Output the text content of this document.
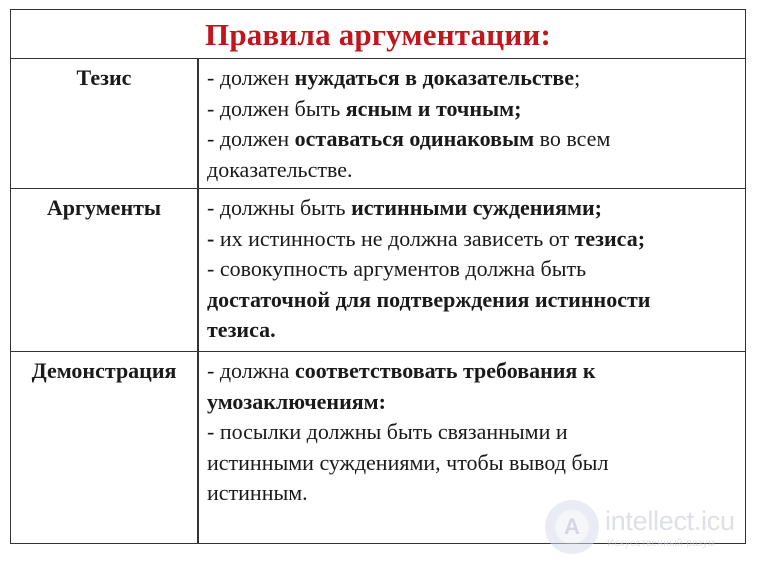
Правила аргументации:
Тезис	- должен нуждаться в доказательстве;
- должен быть ясным и точным;
- должен оставаться одинаковым во всем
доказательстве.
Аргументы	- должны быть истинными суждениями;
- их истинность не должна зависеть от тезиса;
- совокупность аргументов должна быть
достаточной для подтверждения истинности
тезиса.
Демонстрация	- должна соответствовать требования к
умозаключениям:
- посылки должны быть связанными и
истинными суждениями, чтобы вывод был
истинным.
A intellect.icu
Искусственный разум
